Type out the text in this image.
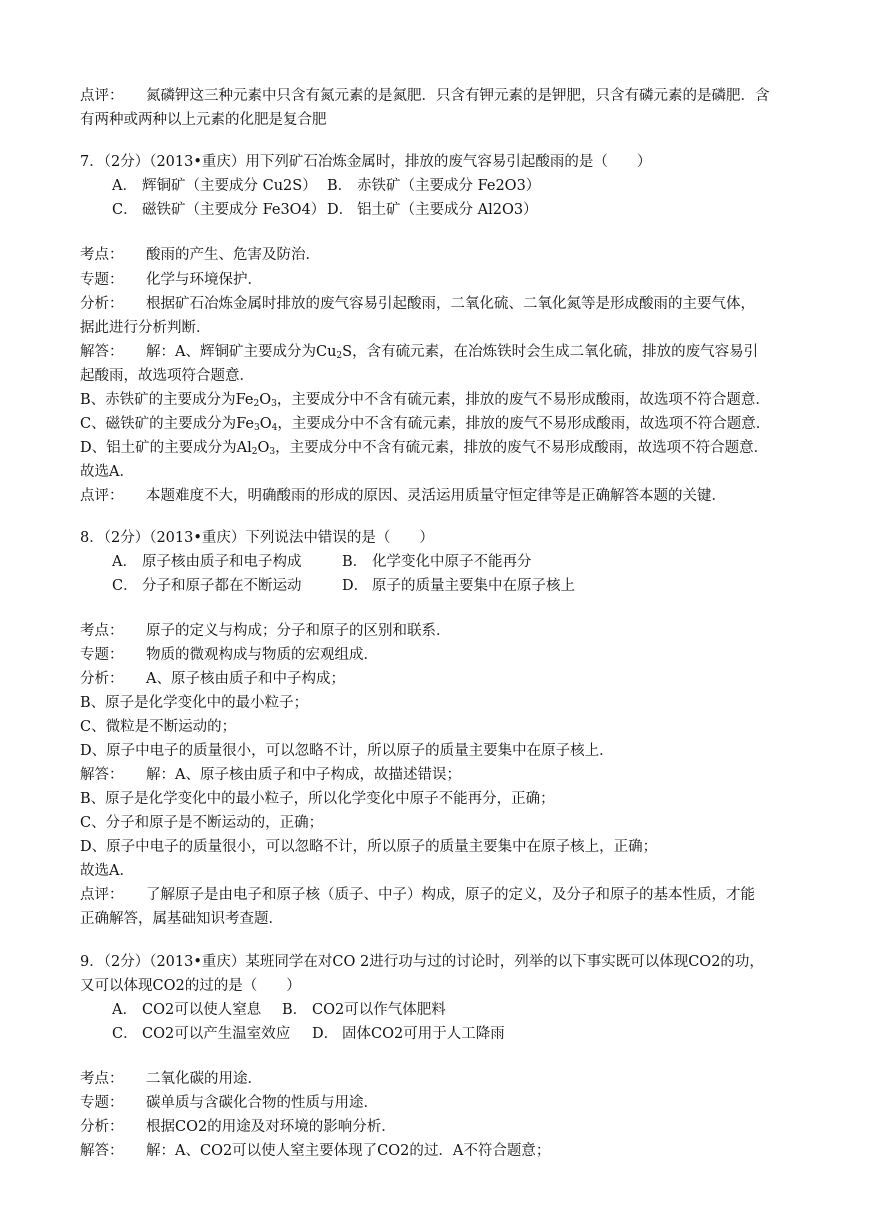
点评： 氮磷钾这三种元素中只含有氮元素的是氮肥．只含有钾元素的是钾肥，只含有磷元素的是磷肥．含
有两种或两种以上元素的化肥是复合肥
7．（2分）（2013•重庆）用下列矿石冶炼金属时，排放的废气容易引起酸雨的是（　　）
A． 辉铜矿（主要成分 Cu2S） B． 赤铁矿（主要成分 Fe2O3）
C． 磁铁矿（主要成分 Fe3O4） D． 铝土矿（主要成分 Al2O3）
考点： 酸雨的产生、危害及防治．
专题： 化学与环境保护．
分析： 根据矿石冶炼金属时排放的废气容易引起酸雨，二氧化硫、二氧化氮等是形成酸雨的主要气体，
据此进行分析判断．
解答： 解：A、辉铜矿主要成分为$Cu_2S$，含有硫元素，在冶炼铁时会生成二氧化硫，排放的废气容易引
起酸雨，故选项符合题意．
B、赤铁矿的主要成分为$Fe_2O_3$，主要成分中不含有硫元素，排放的废气不易形成酸雨，故选项不符合题意．
C、磁铁矿的主要成分为$Fe_3O_4$，主要成分中不含有硫元素，排放的废气不易形成酸雨，故选项不符合题意．
D、铝土矿的主要成分为$Al_2O_3$，主要成分中不含有硫元素，排放的废气不易形成酸雨，故选项不符合题意．
故选A．
点评： 本题难度不大，明确酸雨的形成的原因、灵活运用质量守恒定律等是正确解答本题的关键．
8．（2分）（2013•重庆）下列说法中错误的是（　　）
A． 原子核由质子和电子构成	B． 化学变化中原子不能再分
C． 分子和原子都在不断运动	D． 原子的质量主要集中在原子核上
考点： 原子的定义与构成；分子和原子的区别和联系．
专题： 物质的微观构成与物质的宏观组成．
分析： A、原子核由质子和中子构成；
B、原子是化学变化中的最小粒子；
C、微粒是不断运动的；
D、原子中电子的质量很小，可以忽略不计，所以原子的质量主要集中在原子核上．
解答： 解：A、原子核由质子和中子构成，故描述错误；
B、原子是化学变化中的最小粒子，所以化学变化中原子不能再分，正确；
C、分子和原子是不断运动的，正确；
D、原子中电子的质量很小，可以忽略不计，所以原子的质量主要集中在原子核上，正确；
故选A．
点评： 了解原子是由电子和原子核（质子、中子）构成，原子的定义，及分子和原子的基本性质，才能
正确解答，属基础知识考查题．
9．（2分）（2013•重庆）某班同学在对CO 2进行功与过的讨论时，列举的以下事实既可以体现CO2的功，
又可以体现CO2的过的是（　　）
A． CO2可以使人窒息 B． CO2可以作气体肥料
C． CO2可以产生温室效应 D． 固体CO2可用于人工降雨
考点： 二氧化碳的用途．
专题： 碳单质与含碳化合物的性质与用途．
分析： 根据CO2的用途及对环境的影响分析．
解答： 解：A、CO2可以使人窒主要体现了CO2的过．A不符合题意；
